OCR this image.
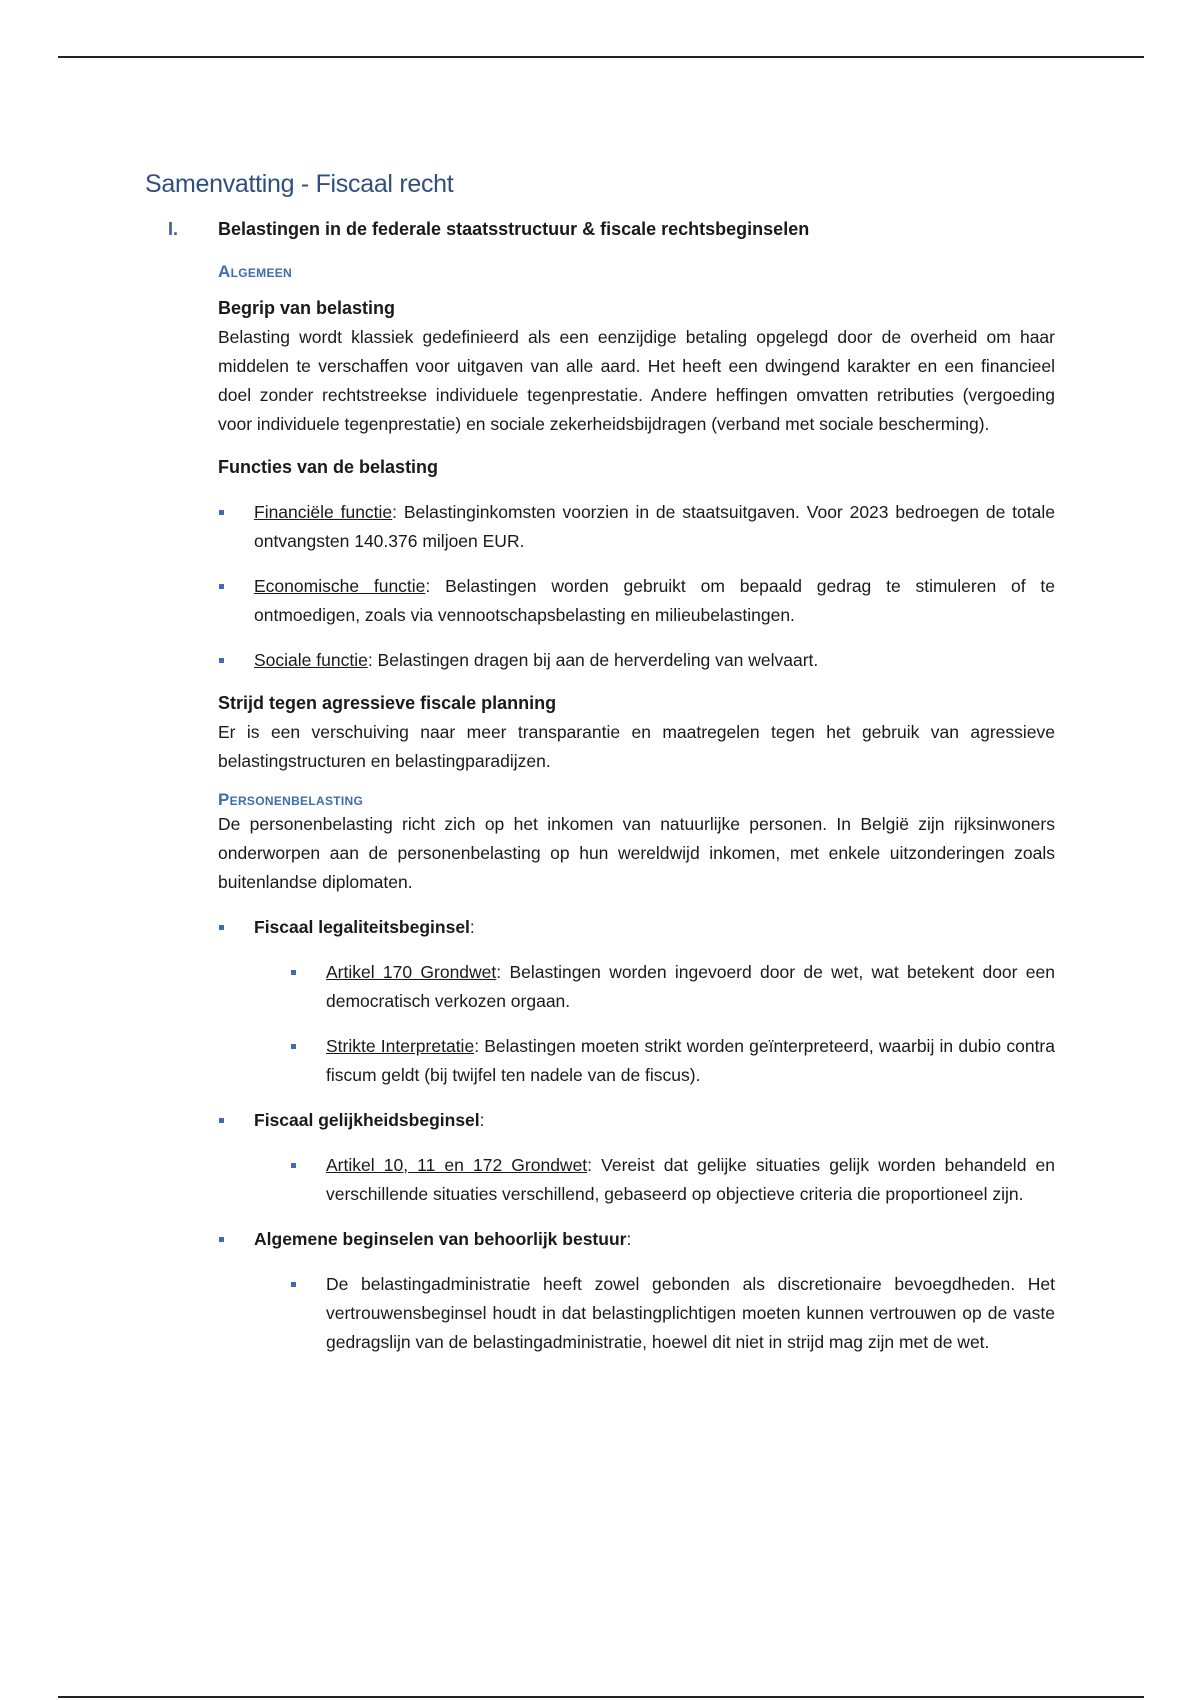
Samenvatting - Fiscaal recht
I.	Belastingen in de federale staatsstructuur & fiscale rechtsbeginselen
Algemeen
Begrip van belasting
Belasting wordt klassiek gedefinieerd als een eenzijdige betaling opgelegd door de overheid om haar middelen te verschaffen voor uitgaven van alle aard. Het heeft een dwingend karakter en een financieel doel zonder rechtstreekse individuele tegenprestatie. Andere heffingen omvatten retributies (vergoeding voor individuele tegenprestatie) en sociale zekerheidsbijdragen (verband met sociale bescherming).
Functies van de belasting
Financiële functie: Belastinginkomsten voorzien in de staatsuitgaven. Voor 2023 bedroegen de totale ontvangsten 140.376 miljoen EUR.
Economische functie: Belastingen worden gebruikt om bepaald gedrag te stimuleren of te ontmoedigen, zoals via vennootschapsbelasting en milieubelastingen.
Sociale functie: Belastingen dragen bij aan de herverdeling van welvaart.
Strijd tegen agressieve fiscale planning
Er is een verschuiving naar meer transparantie en maatregelen tegen het gebruik van agressieve belastingstructuren en belastingparadijzen.
Personenbelasting
De personenbelasting richt zich op het inkomen van natuurlijke personen. In België zijn rijksinwoners onderworpen aan de personenbelasting op hun wereldwijd inkomen, met enkele uitzonderingen zoals buitenlandse diplomaten.
Fiscaal legaliteitsbeginsel:
Artikel 170 Grondwet: Belastingen worden ingevoerd door de wet, wat betekent door een democratisch verkozen orgaan.
Strikte Interpretatie: Belastingen moeten strikt worden geïnterpreteerd, waarbij in dubio contra fiscum geldt (bij twijfel ten nadele van de fiscus).
Fiscaal gelijkheidsbeginsel:
Artikel 10, 11 en 172 Grondwet: Vereist dat gelijke situaties gelijk worden behandeld en verschillende situaties verschillend, gebaseerd op objectieve criteria die proportioneel zijn.
Algemene beginselen van behoorlijk bestuur:
De belastingadministratie heeft zowel gebonden als discretionaire bevoegdheden. Het vertrouwensbeginsel houdt in dat belastingplichtigen moeten kunnen vertrouwen op de vaste gedragslijn van de belastingadministratie, hoewel dit niet in strijd mag zijn met de wet.
